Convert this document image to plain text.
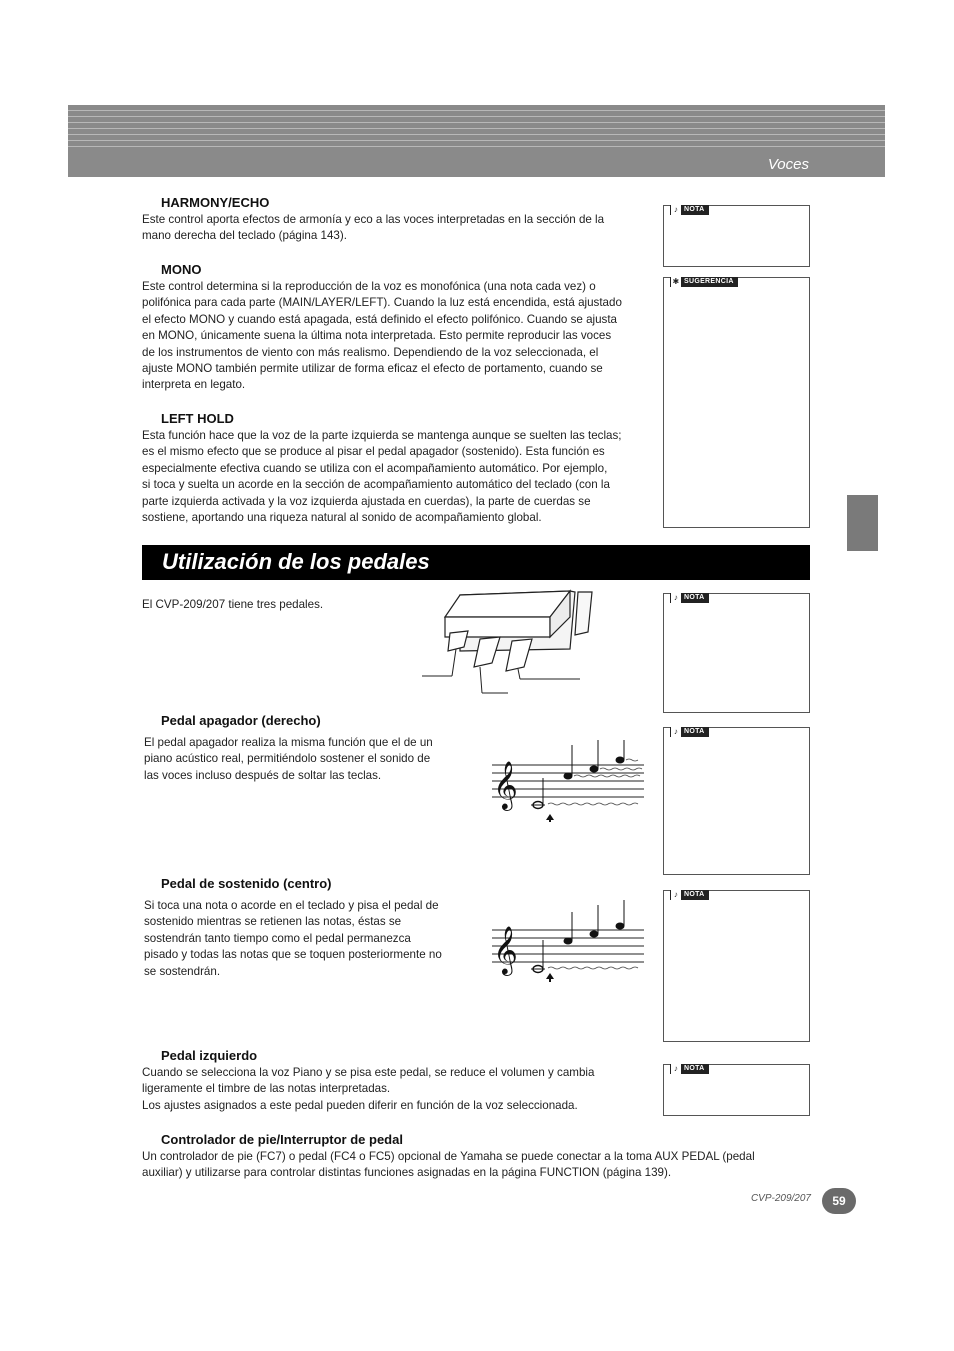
Voces
HARMONY/ECHO

Este control aporta efectos de armonía y eco a las voces interpretadas en la sección de la

mano derecha del teclado (página 143).

MONO

Este control determina si la reproducción de la voz es monofónica (una nota cada vez) o

polifónica para cada parte (MAIN/LAYER/LEFT). Cuando la luz está encendida, está ajustado

el efecto MONO y cuando está apagada, está definido el efecto polifónico. Cuando se ajusta

en MONO, únicamente suena la última nota interpretada. Esto permite reproducir las voces

de los instrumentos de viento con más realismo. Dependiendo de la voz seleccionada, el

ajuste MONO también permite utilizar de forma eficaz el efecto de portamento, cuando se

interpreta en legato.

LEFT HOLD

Esta función hace que la voz de la parte izquierda se mantenga aunque se suelten las teclas;

es el mismo efecto que se produce al pisar el pedal apagador (sostenido). Esta función es

especialmente efectiva cuando se utiliza con el acompañamiento automático. Por ejemplo,

si toca y suelta un acorde en la sección de acompañamiento automático del teclado (con la

parte izquierda activada y la voz izquierda ajustada en cuerdas), la parte de cuerdas se

sostiene, aportando una riqueza natural al sonido de acompañamiento global.

♪ NOTA
✱ SUGERENCIA
Utilización de los pedales

El CVP-209/207 tiene tres pedales.

♪ NOTA
Pedal apagador (derecho)

El pedal apagador realiza la misma función que el de un

piano acústico real, permitiéndolo sostener el sonido de

las voces incluso después de soltar las teclas.	𝄞
♪ NOTA
Pedal de sostenido (centro)

Si toca una nota o acorde en el teclado y pisa el pedal de

sostenido mientras se retienen las notas, éstas se

sostendrán tanto tiempo como el pedal permanezca

pisado y todas las notas que se toquen posteriormente no

se sostendrán.	𝄞
♪ NOTA
Pedal izquierdo

Cuando se selecciona la voz Piano y se pisa este pedal, se reduce el volumen y cambia

ligeramente el timbre de las notas interpretadas.

Los ajustes asignados a este pedal pueden diferir en función de la voz seleccionada.

♪ NOTA
Controlador de pie/Interruptor de pedal

Un controlador de pie (FC7) o pedal (FC4 o FC5) opcional de Yamaha se puede conectar a la toma AUX PEDAL (pedal

auxiliar) y utilizarse para controlar distintas funciones asignadas en la página FUNCTION (página 139).

CVP-209/207	59
